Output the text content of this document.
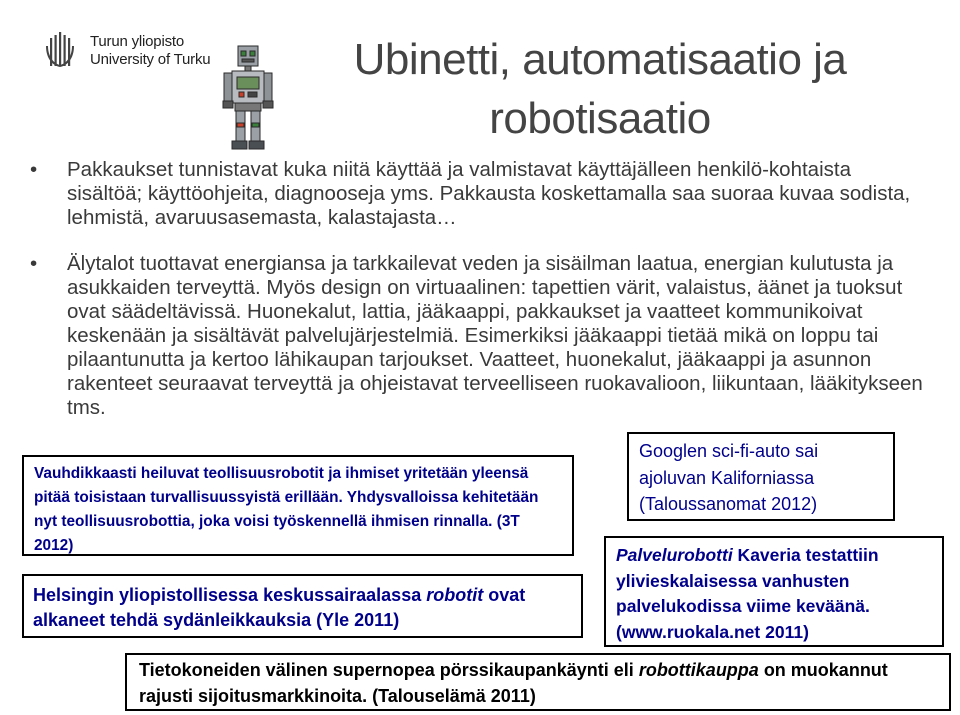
Turun yliopisto
University of Turku	Ubinetti, automatisaatio ja robotisaatio
• Pakkaukset tunnistavat kuka niitä käyttää ja valmistavat käyttäjälleen henkilö-kohtaista sisältöä; käyttöohjeita, diagnooseja yms. Pakkausta koskettamalla saa suoraa kuvaa sodista, lehmistä, avaruusasemasta, kalastajasta…
• Älytalot tuottavat energiansa ja tarkkailevat veden ja sisäilman laatua, energian kulutusta ja asukkaiden terveyttä. Myös design on virtuaalinen: tapettien värit, valaistus, äänet ja tuoksut ovat säädeltävissä. Huonekalut, lattia, jääkaappi, pakkaukset ja vaatteet kommunikoivat keskenään ja sisältävät palvelujärjestelmiä. Esimerkiksi jääkaappi tietää mikä on loppu tai pilaantunutta ja kertoo lähikaupan tarjoukset. Vaatteet, huonekalut, jääkaappi ja asunnon rakenteet seuraavat terveyttä ja ohjeistavat terveelliseen ruokavalioon, liikuntaan, lääkitykseen tms.
Vauhdikkaasti heiluvat teollisuusrobotit ja ihmiset yritetään yleensä pitää toisistaan turvallisuussyistä erillään. Yhdysvalloissa kehitetään nyt teollisuusrobottia, joka voisi työskennellä ihmisen rinnalla. (3T 2012)
Googlen sci-fi-auto sai
ajoluvan Kaliforniassa
(Taloussanomat 2012)
Helsingin yliopistollisessa keskussairaalassa robotit ovat alkaneet tehdä sydänleikkauksia (Yle 2011)
Palvelurobotti Kaveria testattiin ylivieskalaisessa vanhusten palvelukodissa viime keväänä. (www.ruokala.net 2011)
Tietokoneiden välinen supernopea pörssikaupankäynti eli robottikauppa on muokannut rajusti sijoitusmarkkinoita. (Talouselämä 2011)
